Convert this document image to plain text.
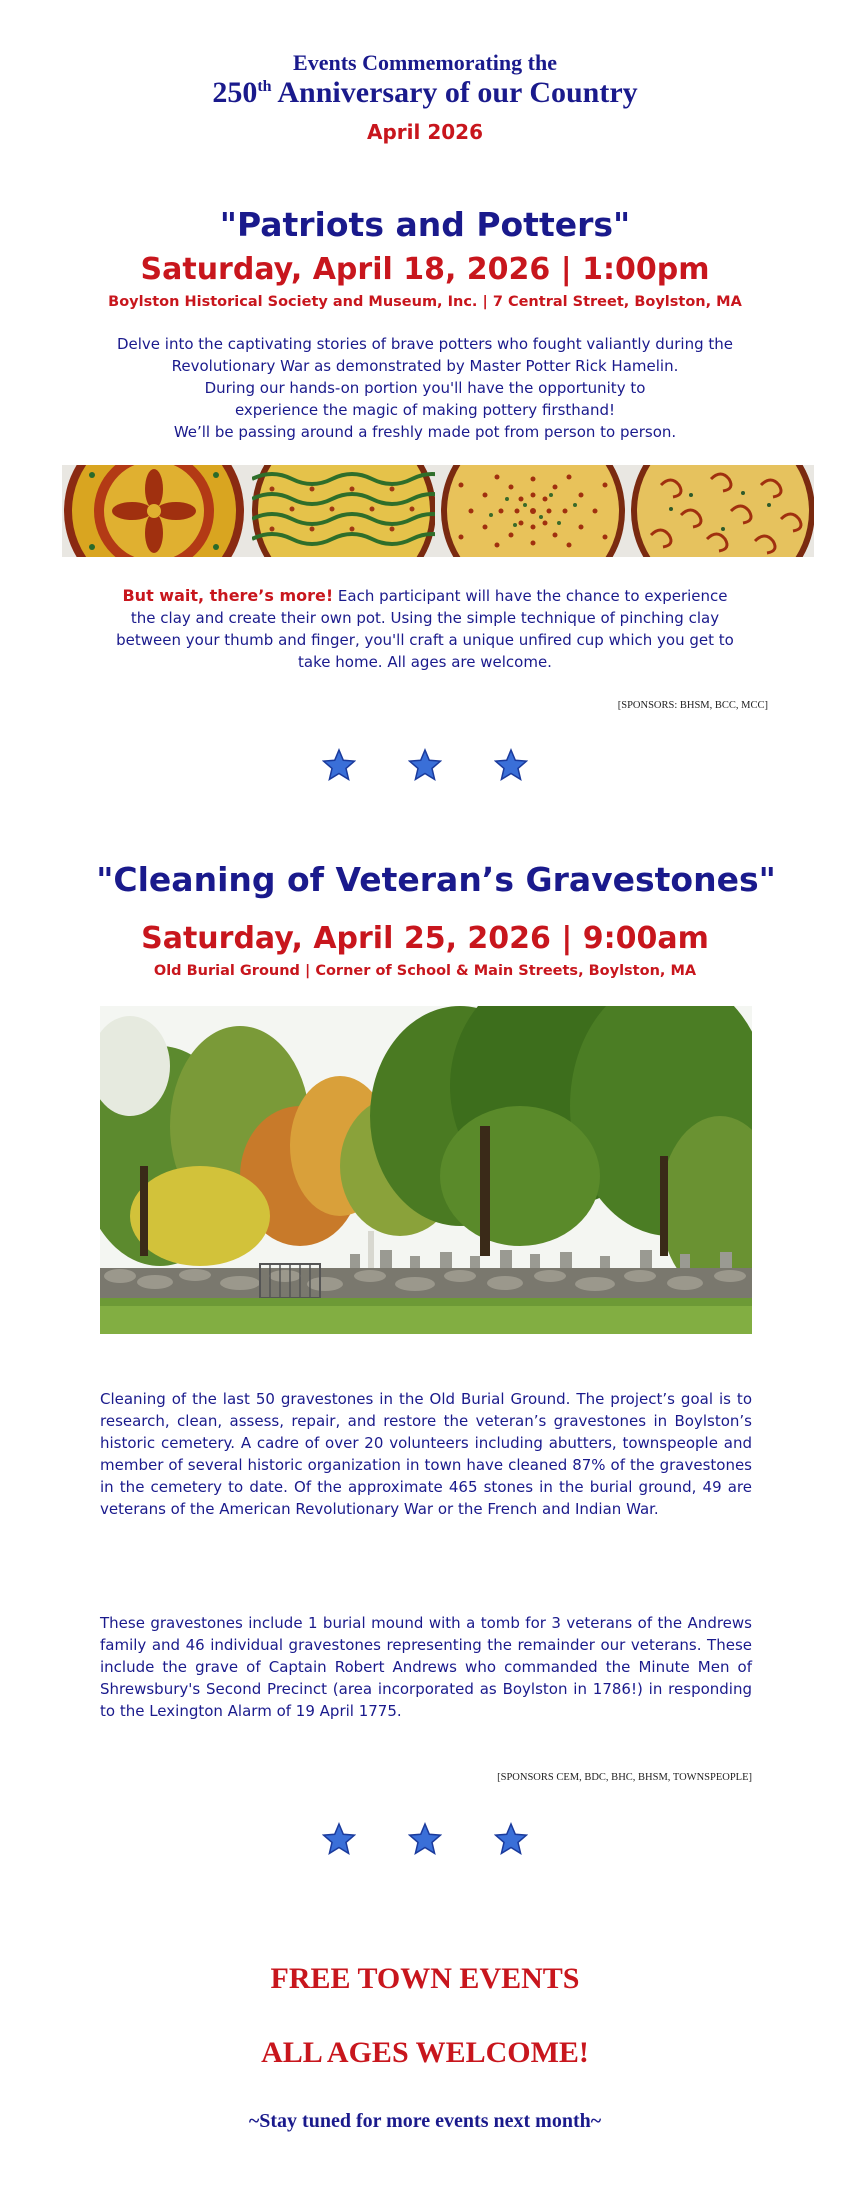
Events Commemorating the
250th Anniversary of our Country
April 2026
"Patriots and Potters"
Saturday, April 18, 2026 | 1:00pm
Boylston Historical Society and Museum, Inc. | 7 Central Street, Boylston, MA
Delve into the captivating stories of brave potters who fought valiantly during the
Revolutionary War as demonstrated by Master Potter Rick Hamelin.
During our hands-on portion you'll have the opportunity to
experience the magic of making pottery firsthand!
We’ll be passing around a freshly made pot from person to person.
But wait, there’s more! Each participant will have the chance to experience
the clay and create their own pot. Using the simple technique of pinching clay
between your thumb and finger, you'll craft a unique unfired cup which you get to
take home. All ages are welcome.
[SPONSORS: BHSM, BCC, MCC]
"Cleaning of Veteran’s Gravestones"
Saturday, April 25, 2026 | 9:00am
Old Burial Ground | Corner of School & Main Streets, Boylston, MA
Cleaning of the last 50 gravestones in the Old Burial Ground. The project’s goal is to research, clean, assess, repair, and restore the veteran’s gravestones in Boylston’s historic cemetery. A cadre of over 20 volunteers including abutters, townspeople and member of several historic organization in town have cleaned 87% of the gravestones in the cemetery to date. Of the approximate 465 stones in the burial ground, 49 are veterans of the American Revolutionary War or the French and Indian War.
These gravestones include 1 burial mound with a tomb for 3 veterans of the Andrews family and 46 individual gravestones representing the remainder our veterans. These include the grave of Captain Robert Andrews who commanded the Minute Men of Shrewsbury's Second Precinct (area incorporated as Boylston in 1786!) in responding to the Lexington Alarm of 19 April 1775.
[SPONSORS CEM, BDC, BHC, BHSM, TOWNSPEOPLE]
FREE TOWN EVENTS
ALL AGES WELCOME!
~Stay tuned for more events next month~
